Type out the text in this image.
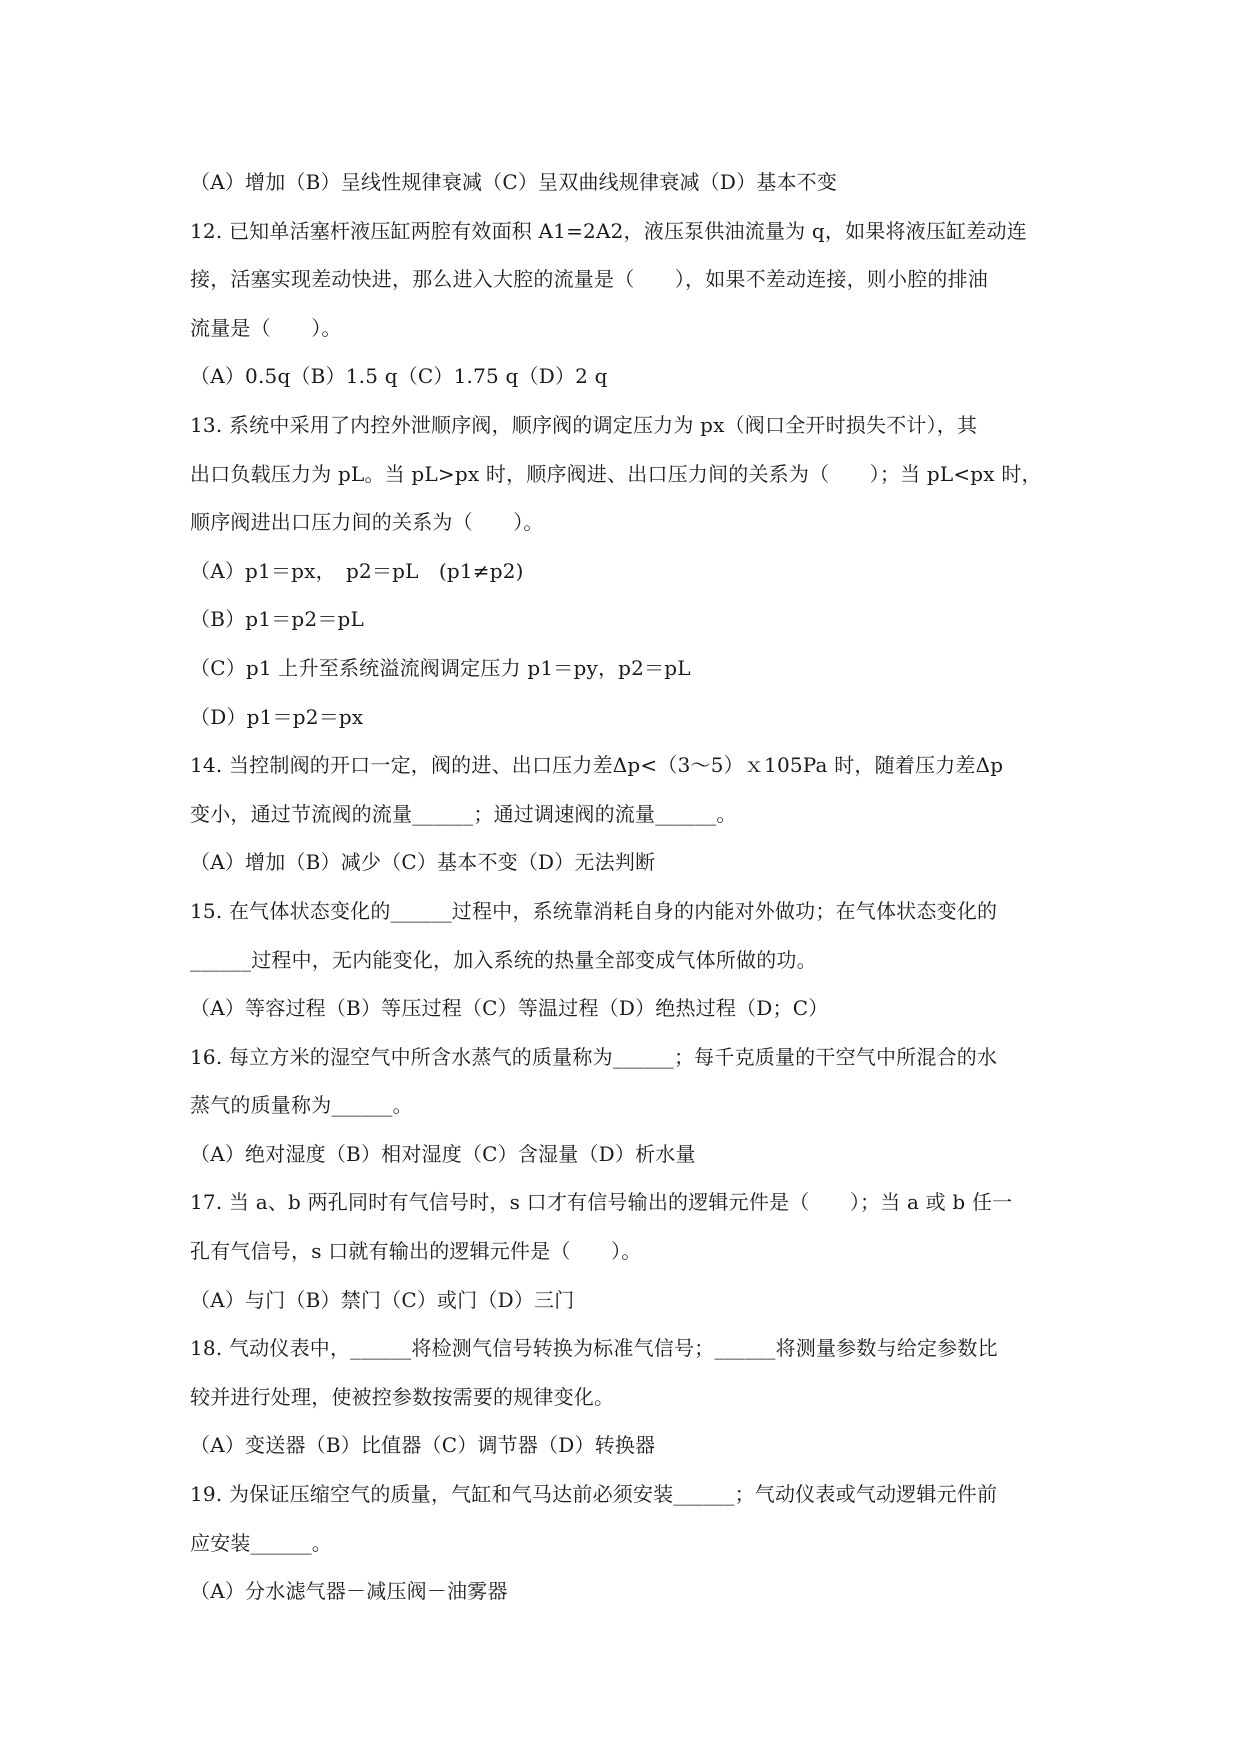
（A）增加（B）呈线性规律衰减（C）呈双曲线规律衰减（D）基本不变
12. 已知单活塞杆液压缸两腔有效面积 A1=2A2，液压泵供油流量为 q，如果将液压缸差动连
接，活塞实现差动快进，那么进入大腔的流量是（　　），如果不差动连接，则小腔的排油
流量是（　　）。
（A）0.5q（B）1.5 q（C）1.75 q（D）2 q
13. 系统中采用了内控外泄顺序阀，顺序阀的调定压力为 px（阀口全开时损失不计），其
出口负载压力为 pL。当 pL>px 时，顺序阀进、出口压力间的关系为（　　）；当 pL<px 时，
顺序阀进出口压力间的关系为（　　）。
（A）p1＝px，　p2＝pL　(p1≠p2)
（B）p1＝p2＝pL
（C）p1 上升至系统溢流阀调定压力 p1＝py，p2＝pL
（D）p1＝p2＝px
14. 当控制阀的开口一定，阀的进、出口压力差Δp<（3～5）ｘ105Pa 时，随着压力差Δp
变小，通过节流阀的流量______；通过调速阀的流量______。
（A）增加（B）减少（C）基本不变（D）无法判断
15. 在气体状态变化的______过程中，系统靠消耗自身的内能对外做功；在气体状态变化的
______过程中，无内能变化，加入系统的热量全部变成气体所做的功。
（A）等容过程（B）等压过程（C）等温过程（D）绝热过程（D；C）
16. 每立方米的湿空气中所含水蒸气的质量称为______；每千克质量的干空气中所混合的水
蒸气的质量称为______。
（A）绝对湿度（B）相对湿度（C）含湿量（D）析水量
17. 当 a、b 两孔同时有气信号时，s 口才有信号输出的逻辑元件是（　　）；当 a 或 b 任一
孔有气信号，s 口就有输出的逻辑元件是（　　）。
（A）与门（B）禁门（C）或门（D）三门
18. 气动仪表中，______将检测气信号转换为标准气信号；______将测量参数与给定参数比
较并进行处理，使被控参数按需要的规律变化。
（A）变送器（B）比值器（C）调节器（D）转换器
19. 为保证压缩空气的质量，气缸和气马达前必须安装______；气动仪表或气动逻辑元件前
应安装______。
（A）分水滤气器－减压阀－油雾器
